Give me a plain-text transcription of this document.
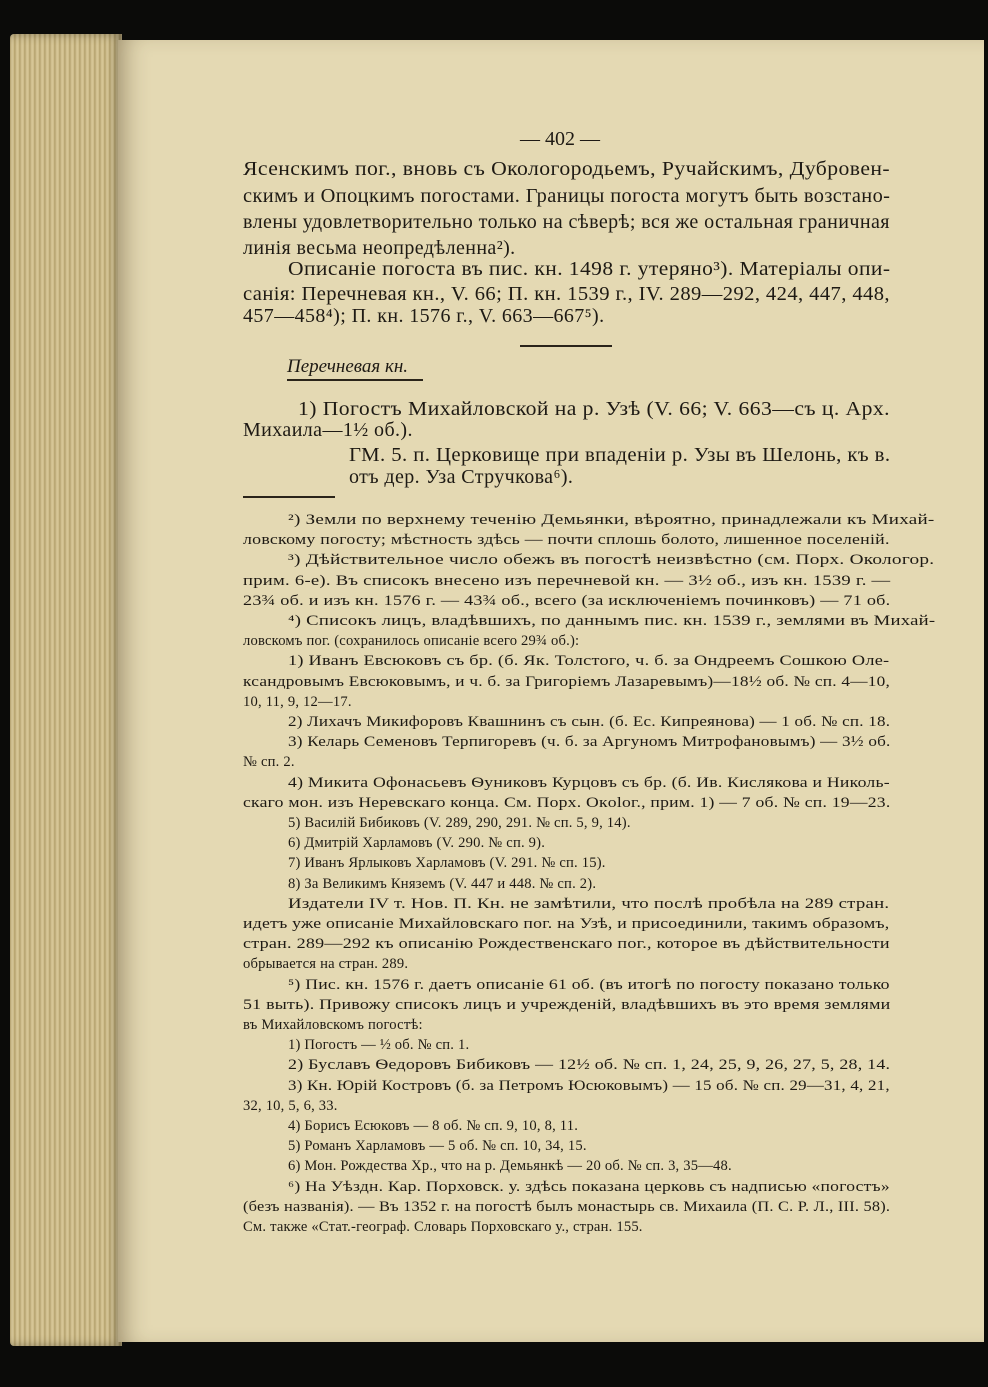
— 402 —
Ясенскимъ пог., вновь съ Окологородьемъ, Ручайскимъ, Дубровен-
скимъ и Опоцкимъ погостами. Границы погоста могутъ быть возстано-
влены удовлетворительно только на сѣверѣ; вся же остальная граничная
линія весьма неопредѣленна²).
Описаніе погоста въ пис. кн. 1498 г. утеряно³). Матеріалы опи-
санія: Перечневая кн., V. 66; П. кн. 1539 г., IV. 289—292, 424, 447, 448,
457—458⁴); П. кн. 1576 г., V. 663—667⁵).
Перечневая кн.
1) Погостъ Михайловской на р. Узѣ (V. 66; V. 663—съ ц. Арх.
Михаила—1½ об.).
ГМ. 5. п. Церковище при впаденіи р. Узы въ Шелонь, къ в.
отъ дер. Уза Стручкова⁶).
²) Земли по верхнему теченію Демьянки, вѣроятно, принадлежали къ Михай-
ловскому погосту; мѣстность здѣсь — почти сплошь болото, лишенное поселеній.
³) Дѣйствительное число обежъ въ погостѣ неизвѣстно (см. Порх. Окологор.
прим. 6-е). Въ списокъ внесено изъ перечневой кн. — 3½ об., изъ кн. 1539 г. —
23¾ об. и изъ кн. 1576 г. — 43¾ об., всего (за исключеніемъ починковъ) — 71 об.
⁴) Списокъ лицъ, владѣвшихъ, по даннымъ пис. кн. 1539 г., землями въ Михай-
ловскомъ пог. (сохранилось описаніе всего 29¾ об.):
1) Иванъ Евсюковъ съ бр. (б. Як. Толстого, ч. б. за Ондреемъ Сошкою Оле-
ксандровымъ Евсюковымъ, и ч. б. за Григоріемъ Лазаревымъ)—18½ об. № сп. 4—10,
10, 11, 9, 12—17.
2) Лихачъ Микифоровъ Квашнинъ съ сын. (б. Ес. Кипреянова) — 1 об. № сп. 18.
3) Келарь Семеновъ Терпигоревъ (ч. б. за Аргуномъ Митрофановымъ) — 3½ об.
№ сп. 2.
4) Микита Офонасьевъ Ѳуниковъ Курцовъ съ бр. (б. Ив. Кислякова и Николь-
скаго мон. изъ Неревскаго конца. См. Порх. Окolог., прим. 1) — 7 об. № сп. 19—23.
5) Василій Бибиковъ (V. 289, 290, 291. № сп. 5, 9, 14).
6) Дмитрій Харламовъ (V. 290. № сп. 9).
7) Иванъ Ярлыковъ Харламовъ (V. 291. № сп. 15).
8) За Великимъ Княземъ (V. 447 и 448. № сп. 2).
Издатели IV т. Нов. П. Кн. не замѣтили, что послѣ пробѣла на 289 стран.
идетъ уже описаніе Михайловскаго пог. на Узѣ, и присоединили, такимъ образомъ,
стран. 289—292 къ описанію Рождественскаго пог., которое въ дѣйствительности
обрывается на стран. 289.
⁵) Пис. кн. 1576 г. даетъ описаніе 61 об. (въ итогѣ по погосту показано только
51 выть). Привожу списокъ лицъ и учрежденій, владѣвшихъ въ это время землями
въ Михайловскомъ погостѣ:
1) Погостъ — ½ об. № сп. 1.
2) Буславъ Ѳедоровъ Бибиковъ — 12½ об. № сп. 1, 24, 25, 9, 26, 27, 5, 28, 14.
3) Кн. Юрій Костровъ (б. за Петромъ Юсюковымъ) — 15 об. № сп. 29—31, 4, 21,
32, 10, 5, 6, 33.
4) Борисъ Есюковъ — 8 об. № сп. 9, 10, 8, 11.
5) Романъ Харламовъ — 5 об. № сп. 10, 34, 15.
6) Мон. Рождества Хр., что на р. Демьянкѣ — 20 об. № сп. 3, 35—48.
⁶) На Уѣздн. Кар. Порховск. у. здѣсь показана церковь съ надписью «погостъ»
(безъ названія). — Въ 1352 г. на погостѣ былъ монастырь св. Михаила (П. С. Р. Л., III. 58).
См. также «Стат.-географ. Словарь Порховскаго у., стран. 155.
